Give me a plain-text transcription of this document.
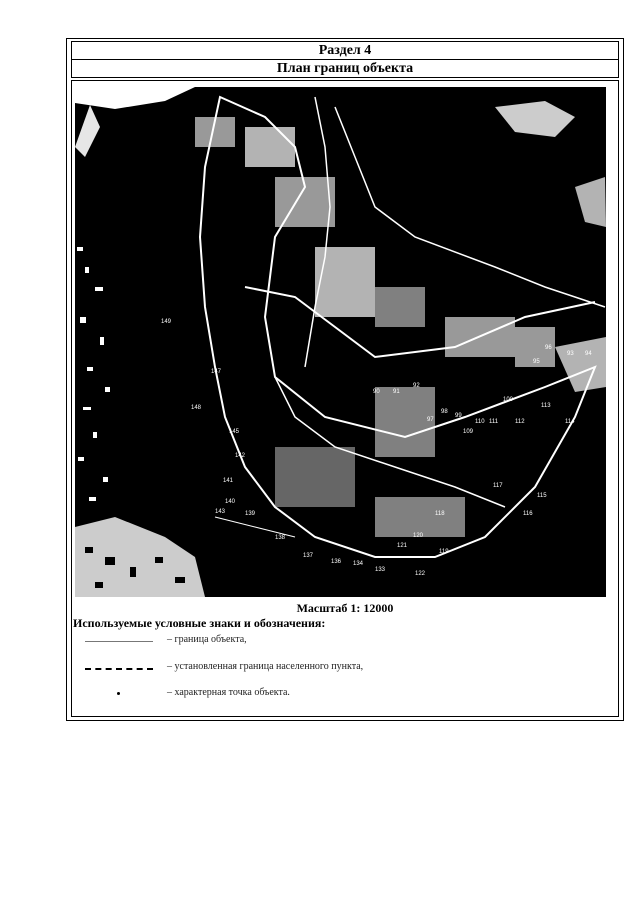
Раздел 4
План границ объекта
149
147
148
145
143
142
141
140
139
138
137
136 134
133
122
121
120
119
118
117
116
115
114
113
112
111
110
109
100
99
98
97
96
95
94
93
92
91
90
Масштаб 1: 12000
Используемые условные знаки и обозначения:
– граница объекта,
– установленная граница населенного пункта,
– характерная точка объекта.
